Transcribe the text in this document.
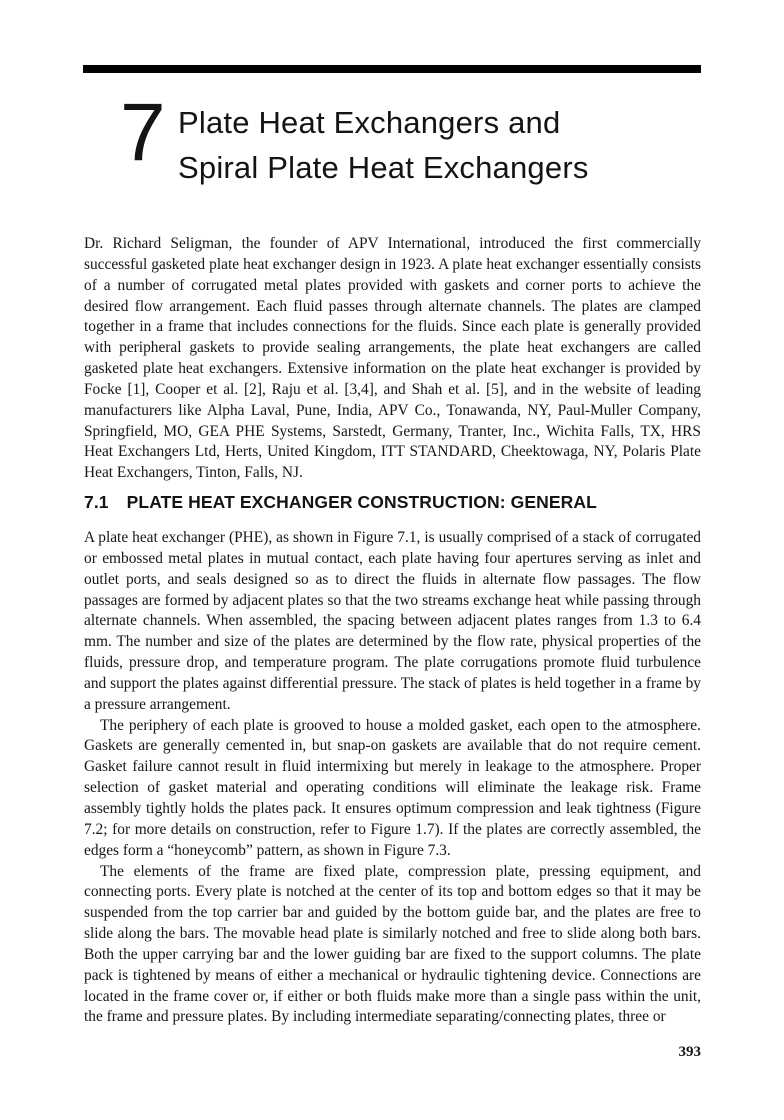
7 Plate Heat Exchangers and
Spiral Plate Heat Exchangers

Dr. Richard Seligman, the founder of APV International, introduced the first commercially successful gasketed plate heat exchanger design in 1923. A plate heat exchanger essentially consists of a number of corrugated metal plates provided with gaskets and corner ports to achieve the desired flow arrangement. Each fluid passes through alternate channels. The plates are clamped together in a frame that includes connections for the fluids. Since each plate is generally provided with peripheral gaskets to provide sealing arrangements, the plate heat exchangers are called gasketed plate heat exchangers. Extensive information on the plate heat exchanger is provided by Focke [1], Cooper et al. [2], Raju et al. [3,4], and Shah et al. [5], and in the website of leading manufacturers like Alpha Laval, Pune, India, APV Co., Tonawanda, NY, Paul-Muller Company, Springfield, MO, GEA PHE Systems, Sarstedt, Germany, Tranter, Inc., Wichita Falls, TX, HRS Heat Exchangers Ltd, Herts, United Kingdom, ITT STANDARD, Cheektowaga, NY, Polaris Plate Heat Exchangers, Tinton, Falls, NJ.

7.1 PLATE HEAT EXCHANGER CONSTRUCTION: GENERAL

A plate heat exchanger (PHE), as shown in Figure 7.1, is usually comprised of a stack of corrugated or embossed metal plates in mutual contact, each plate having four apertures serving as inlet and outlet ports, and seals designed so as to direct the fluids in alternate flow passages. The flow passages are formed by adjacent plates so that the two streams exchange heat while passing through alternate channels. When assembled, the spacing between adjacent plates ranges from 1.3 to 6.4 mm. The number and size of the plates are determined by the flow rate, physical properties of the fluids, pressure drop, and temperature program. The plate corrugations promote fluid turbulence and support the plates against differential pressure. The stack of plates is held together in a frame by a pressure arrangement.

The periphery of each plate is grooved to house a molded gasket, each open to the atmosphere. Gaskets are generally cemented in, but snap-on gaskets are available that do not require cement. Gasket failure cannot result in fluid intermixing but merely in leakage to the atmosphere. Proper selection of gasket material and operating conditions will eliminate the leakage risk. Frame assembly tightly holds the plates pack. It ensures optimum compression and leak tightness (Figure 7.2; for more details on construction, refer to Figure 1.7). If the plates are correctly assembled, the edges form a “honeycomb” pattern, as shown in Figure 7.3.

The elements of the frame are fixed plate, compression plate, pressing equipment, and connecting ports. Every plate is notched at the center of its top and bottom edges so that it may be suspended from the top carrier bar and guided by the bottom guide bar, and the plates are free to slide along the bars. The movable head plate is similarly notched and free to slide along both bars. Both the upper carrying bar and the lower guiding bar are fixed to the support columns. The plate pack is tightened by means of either a mechanical or hydraulic tightening device. Connections are located in the frame cover or, if either or both fluids make more than a single pass within the unit, the frame and pressure plates. By including intermediate separating/connecting plates, three or

393
